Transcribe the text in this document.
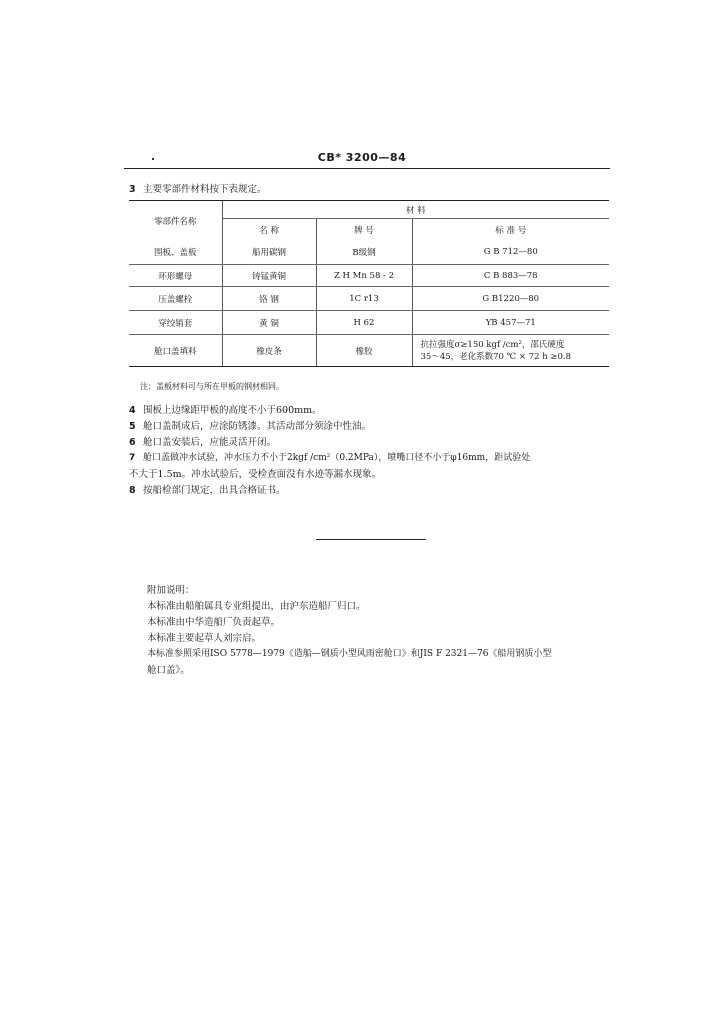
CB* 3200—84
3 主要零部件材料按下表规定。
零部件名称	材 料		
	名 称	牌 号	标 准 号
围板、盖板	船用碳钢	B级钢	G B 712—80
环形螺母	铸锰黄铜	Z H Mn 58 - 2	C B 883—78
压盖螺栓	铬 钢	1C r13	G B1220—80
穿绞销套	黄 铜	H 62	YB 457—71
舱口盖填料	橡皮条	橡胶	抗拉强度σ≥150 kgf /cm²，邵氏硬度
35～45，老化系数70 ℃ × 72 h ≥0.8
注：盖板材料可与所在甲板的钢材相同。
4 围板上边缘距甲板的高度不小于600mm。
5 舱口盖制成后，应涂防锈漆。其活动部分须涂中性油。
6 舱口盖安装后，应能灵活开闭。
7 舱口盖做冲水试验，冲水压力不小于2kgf /cm²（0.2MPa），喷嘴口径不小于φ16mm，距试验处
不大于1.5m。冲水试验后，受检查面没有水迹等漏水现象。
8 按船检部门规定，出具合格证书。
附加说明：
本标准由船舶属具专业组提出，由沪东造船厂归口。
本标准由中华造船厂负责起草。
本标准主要起草人刘宗启。
本标准参照采用ISO 5778—1979《造船—钢质小型风雨密舱口》和JIS F 2321—76《船用钢质小型
舱口盖》。
